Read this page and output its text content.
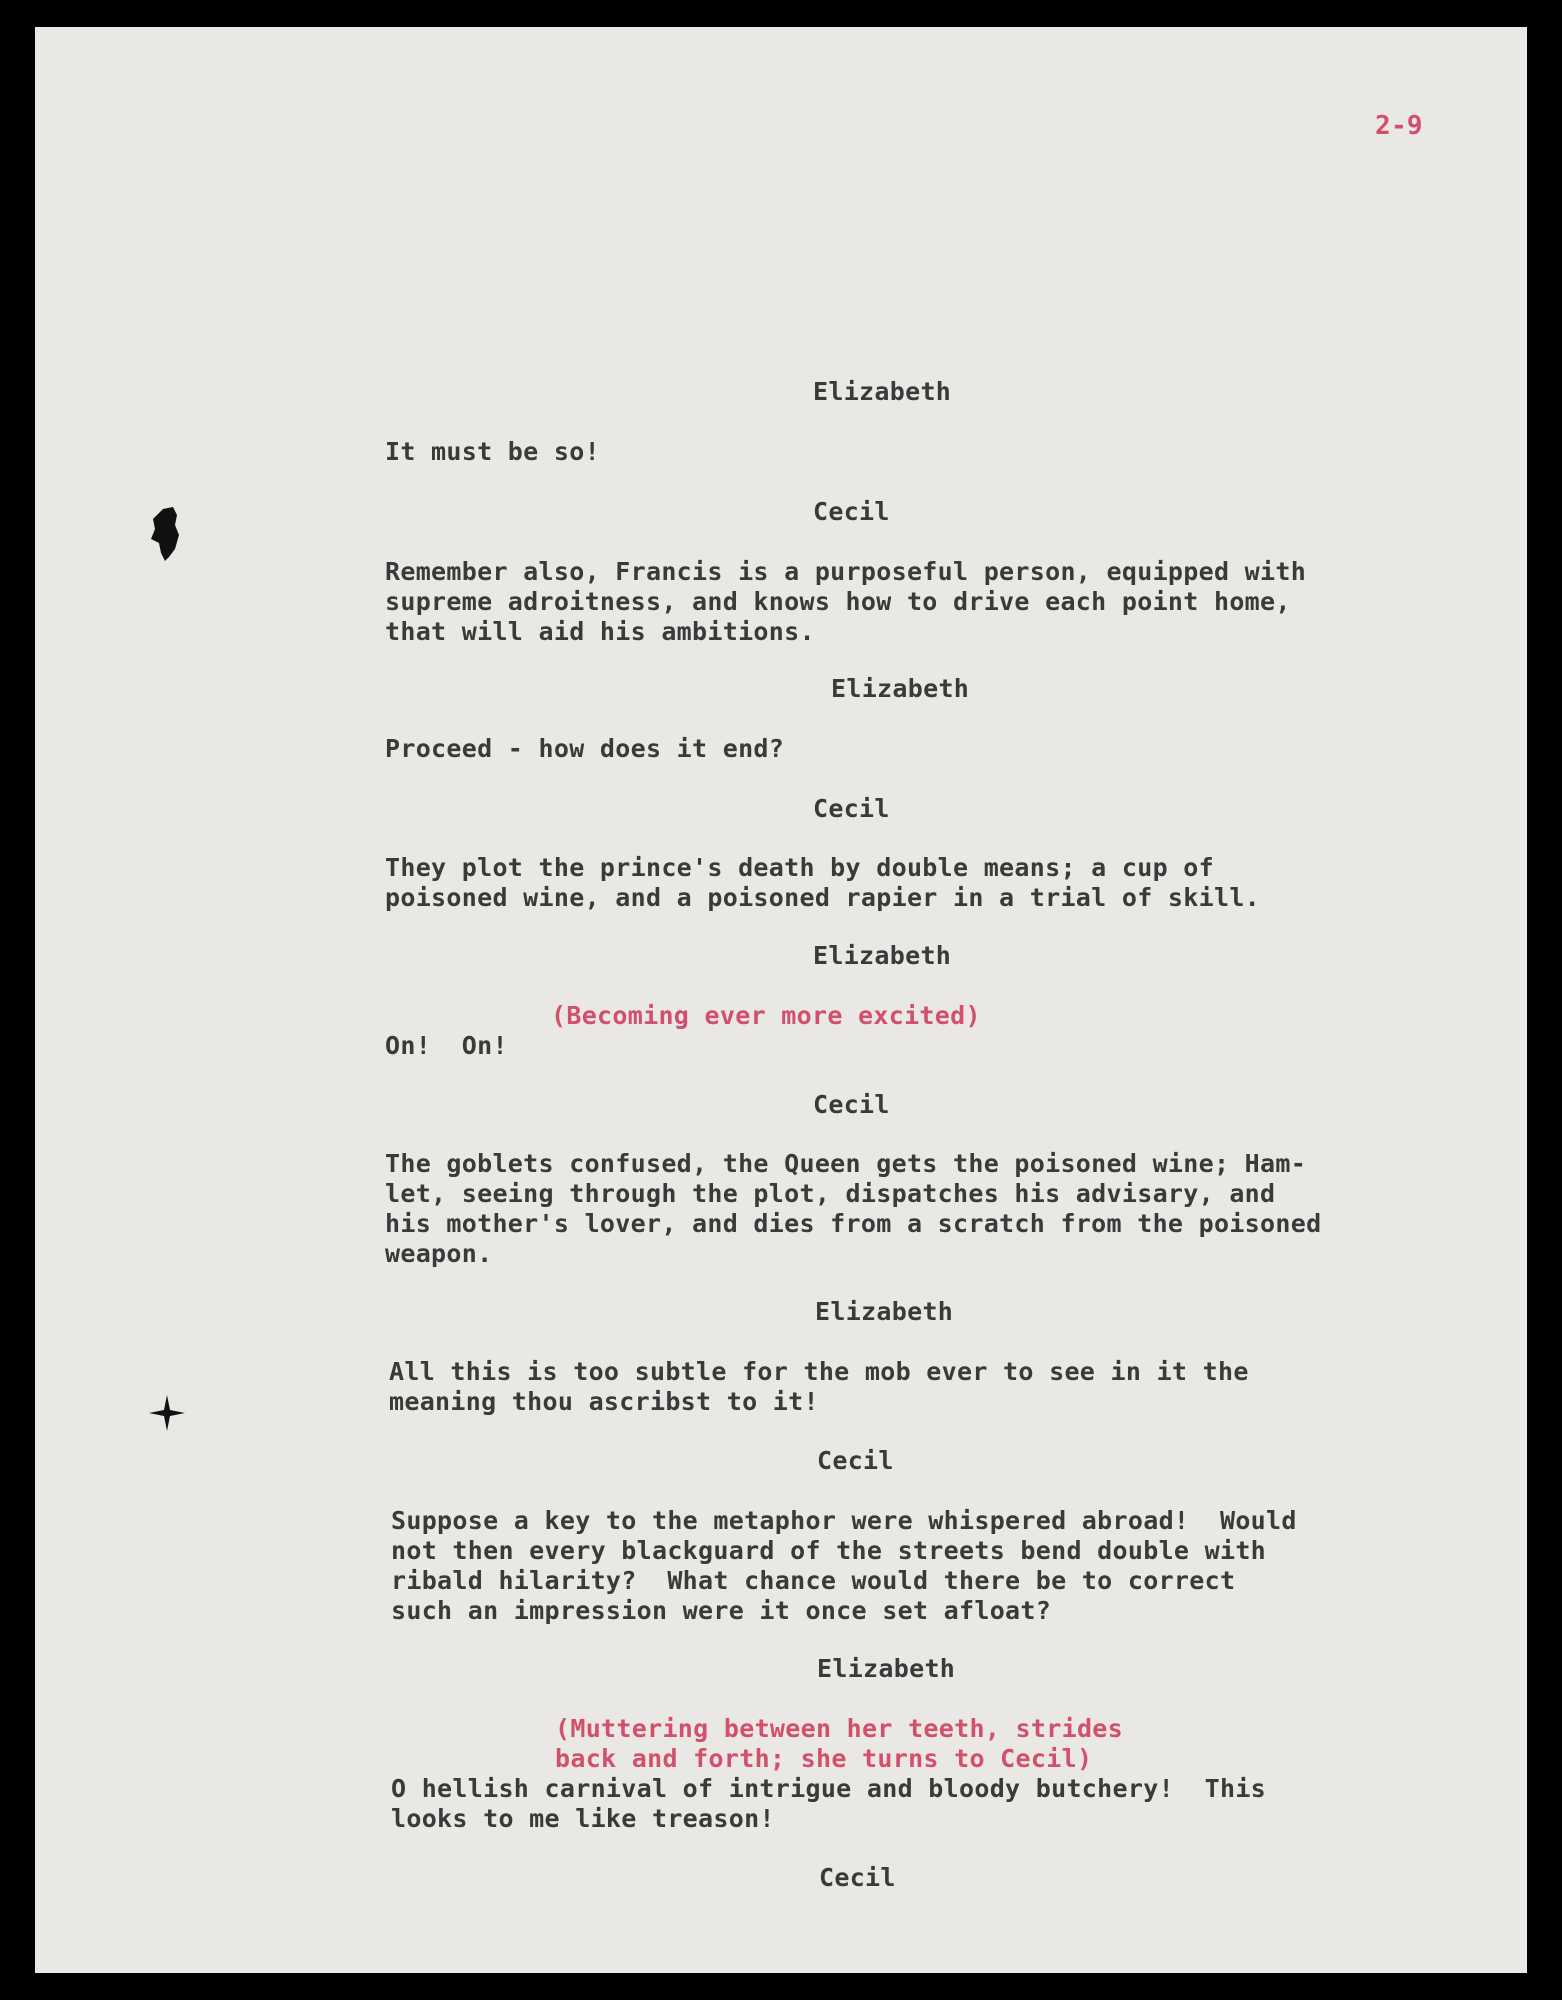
2-9
Elizabeth
It must be so!
Cecil
Remember also, Francis is a purposeful person, equipped with
supreme adroitness, and knows how to drive each point home,
that will aid his ambitions.
Elizabeth
Proceed - how does it end?
Cecil
They plot the prince's death by double means; a cup of
poisoned wine, and a poisoned rapier in a trial of skill.
Elizabeth
(Becoming ever more excited)
On!  On!
Cecil
The goblets confused, the Queen gets the poisoned wine; Ham-
let, seeing through the plot, dispatches his advisary, and
his mother's lover, and dies from a scratch from the poisoned
weapon.
Elizabeth
All this is too subtle for the mob ever to see in it the
meaning thou ascribst to it!
Cecil
Suppose a key to the metaphor were whispered abroad!  Would
not then every blackguard of the streets bend double with
ribald hilarity?  What chance would there be to correct
such an impression were it once set afloat?
Elizabeth
(Muttering between her teeth, strides
back and forth; she turns to Cecil)
O hellish carnival of intrigue and bloody butchery!  This
looks to me like treason!
Cecil
